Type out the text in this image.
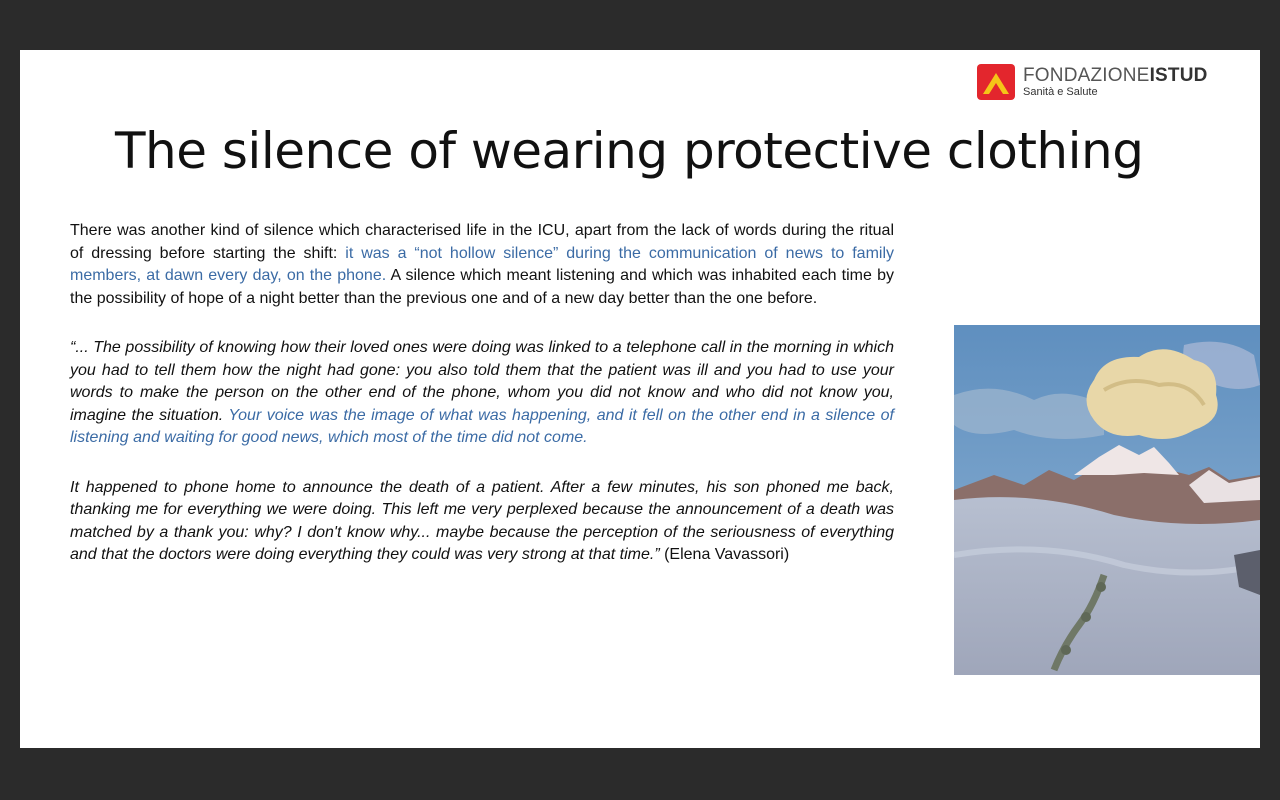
FONDAZIONEISTUD
Sanità e Salute
The silence of wearing protective clothing

There was another kind of silence which characterised life in the ICU, apart from the lack of words during the ritual of dressing before starting the shift: it was a “not hollow silence” during the communication of news to family members, at dawn every day, on the phone. A silence which meant listening and which was inhabited each time by the possibility of hope of a night better than the previous one and of a new day better than the one before.

“... The possibility of knowing how their loved ones were doing was linked to a telephone call in the morning in which you had to tell them how the night had gone: you also told them that the patient was ill and you had to use your words to make the person on the other end of the phone, whom you did not know and who did not know you, imagine the situation. Your voice was the image of what was happening, and it fell on the other end in a silence of listening and waiting for good news, which most of the time did not come.

It happened to phone home to announce the death of a patient. After a few minutes, his son phoned me back, thanking me for everything we were doing. This left me very perplexed because the announcement of a death was matched by a thank you: why? I don't know why... maybe because the perception of the seriousness of everything and that the doctors were doing everything they could was very strong at that time.” (Elena Vavassori)
